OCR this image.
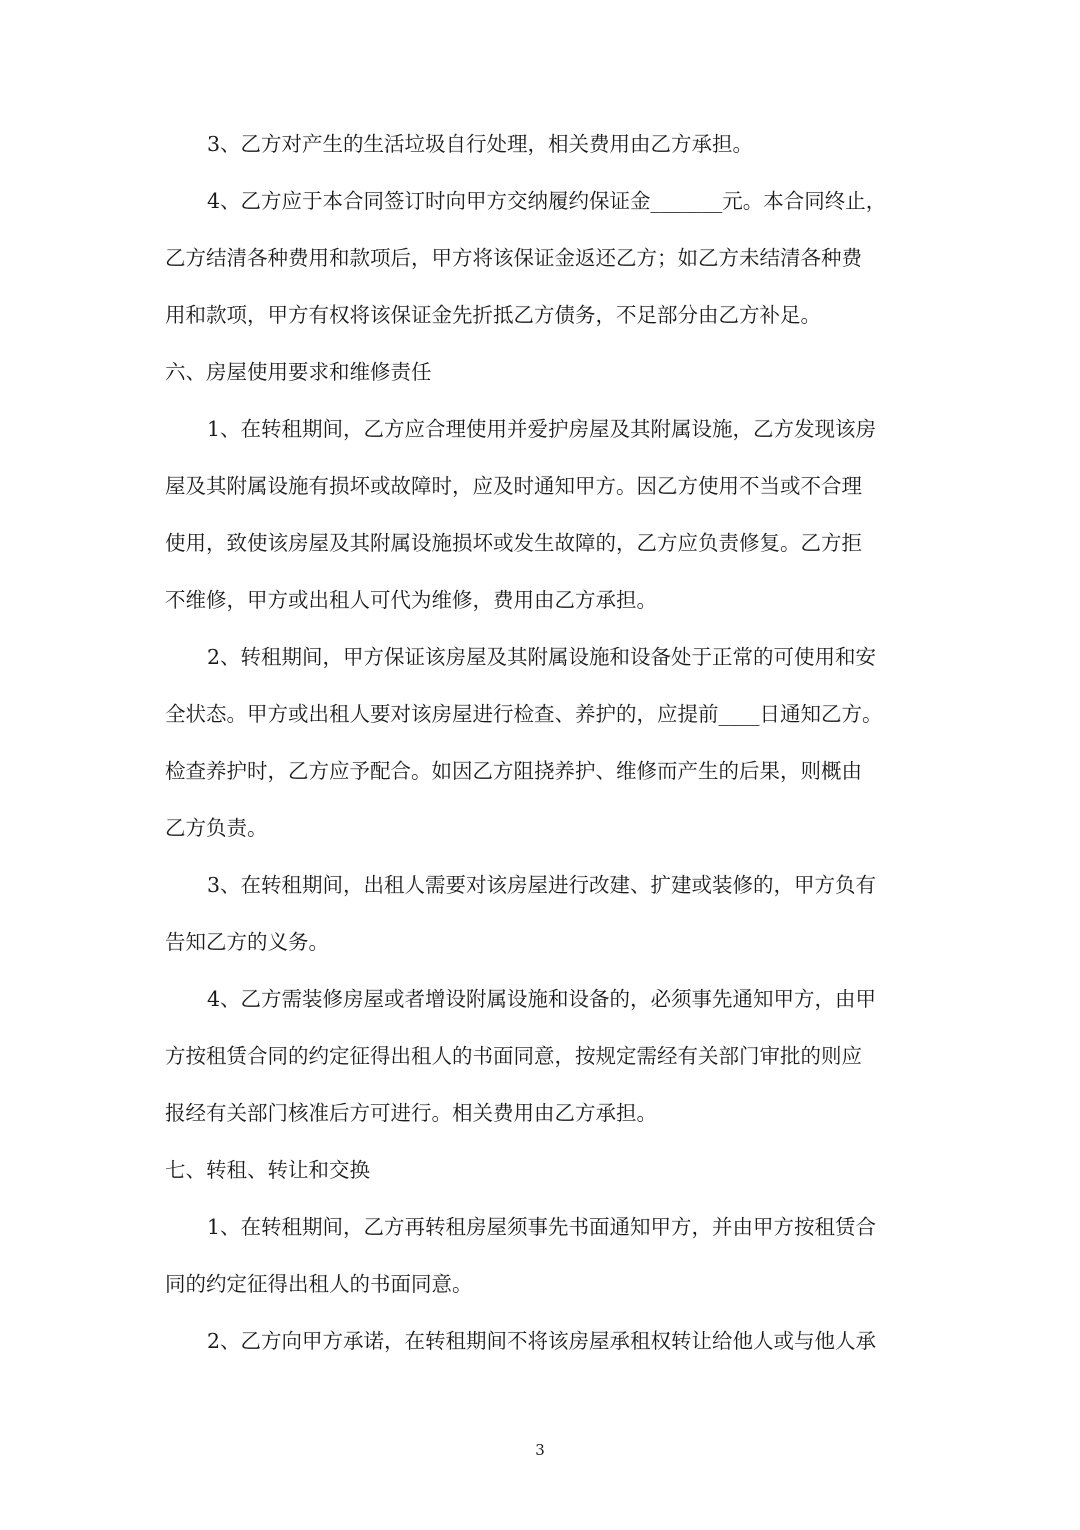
3、乙方对产生的生活垃圾自行处理，相关费用由乙方承担。
4、乙方应于本合同签订时向甲方交纳履约保证金_______元。本合同终止，
乙方结清各种费用和款项后，甲方将该保证金返还乙方；如乙方未结清各种费
用和款项，甲方有权将该保证金先折抵乙方债务，不足部分由乙方补足。
六、房屋使用要求和维修责任
1、在转租期间，乙方应合理使用并爱护房屋及其附属设施，乙方发现该房
屋及其附属设施有损坏或故障时，应及时通知甲方。因乙方使用不当或不合理
使用，致使该房屋及其附属设施损坏或发生故障的，乙方应负责修复。乙方拒
不维修，甲方或出租人可代为维修，费用由乙方承担。
2、转租期间，甲方保证该房屋及其附属设施和设备处于正常的可使用和安
全状态。甲方或出租人要对该房屋进行检查、养护的，应提前____日通知乙方。
检查养护时，乙方应予配合。如因乙方阻挠养护、维修而产生的后果，则概由
乙方负责。
3、在转租期间，出租人需要对该房屋进行改建、扩建或装修的，甲方负有
告知乙方的义务。
4、乙方需装修房屋或者增设附属设施和设备的，必须事先通知甲方，由甲
方按租赁合同的约定征得出租人的书面同意，按规定需经有关部门审批的则应
报经有关部门核准后方可进行。相关费用由乙方承担。
七、转租、转让和交换
1、在转租期间，乙方再转租房屋须事先书面通知甲方，并由甲方按租赁合
同的约定征得出租人的书面同意。
2、乙方向甲方承诺，在转租期间不将该房屋承租权转让给他人或与他人承
3
